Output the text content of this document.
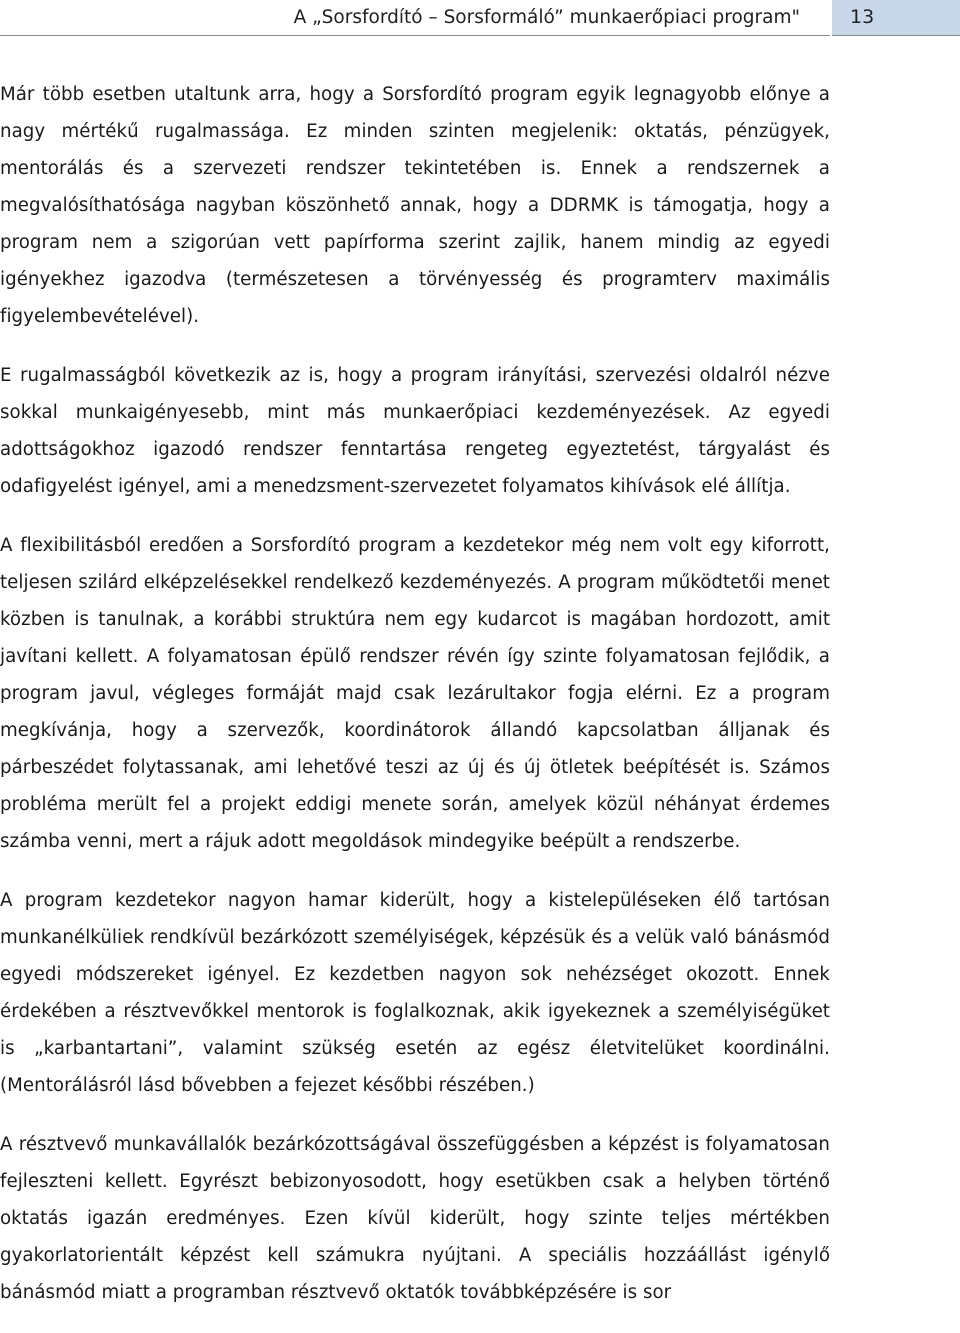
A „Sorsfordító – Sorsformáló” munkaerőpiaci program"	13

Már több esetben utaltunk arra, hogy a Sorsfordító program egyik legnagyobb előnye a nagy mértékű rugalmassága. Ez minden szinten megjelenik: oktatás, pénzügyek, mentorálás és a szervezeti rendszer tekintetében is. Ennek a rendszernek a megvalósíthatósága nagyban köszönhető annak, hogy a DDRMK is támogatja, hogy a program nem a szigorúan vett papírforma szerint zajlik, hanem mindig az egyedi igényekhez igazodva (természetesen a törvényesség és programterv maximális figyelembevételével).

E rugalmasságból következik az is, hogy a program irányítási, szervezési oldalról nézve sokkal munkaigényesebb, mint más munkaerőpiaci kezdeményezések. Az egyedi adottságokhoz igazodó rendszer fenntartása rengeteg egyeztetést, tárgyalást és odafigyelést igényel, ami a menedzsment-szervezetet folyamatos kihívások elé állítja.

A flexibilitásból eredően a Sorsfordító program a kezdetekor még nem volt egy kiforrott, teljesen szilárd elképzelésekkel rendelkező kezdeményezés. A program működtetői menet közben is tanulnak, a korábbi struktúra nem egy kudarcot is magában hordozott, amit javítani kellett. A folyamatosan épülő rendszer révén így szinte folyamatosan fejlődik, a program javul, végleges formáját majd csak lezárultakor fogja elérni. Ez a program megkívánja, hogy a szervezők, koordinátorok állandó kapcsolatban álljanak és párbeszédet folytassanak, ami lehetővé teszi az új és új ötletek beépítését is. Számos probléma merült fel a projekt eddigi menete során, amelyek közül néhányat érdemes számba venni, mert a rájuk adott megoldások mindegyike beépült a rendszerbe.

A program kezdetekor nagyon hamar kiderült, hogy a kistelepüléseken élő tartósan munkanélküliek rendkívül bezárkózott személyiségek, képzésük és a velük való bánásmód egyedi módszereket igényel. Ez kezdetben nagyon sok nehézséget okozott. Ennek érdekében a résztvevőkkel mentorok is foglalkoznak, akik igyekeznek a személyiségüket is „karbantartani”, valamint szükség esetén az egész életvitelüket koordinálni. (Mentorálásról lásd bővebben a fejezet későbbi részében.)

A résztvevő munkavállalók bezárkózottságával összefüggésben a képzést is folyamatosan fejleszteni kellett. Egyrészt bebizonyosodott, hogy esetükben csak a helyben történő oktatás igazán eredményes. Ezen kívül kiderült, hogy szinte teljes mértékben gyakorlatorientált képzést kell számukra nyújtani. A speciális hozzáállást igénylő bánásmód miatt a programban résztvevő oktatók továbbképzésére is sor
